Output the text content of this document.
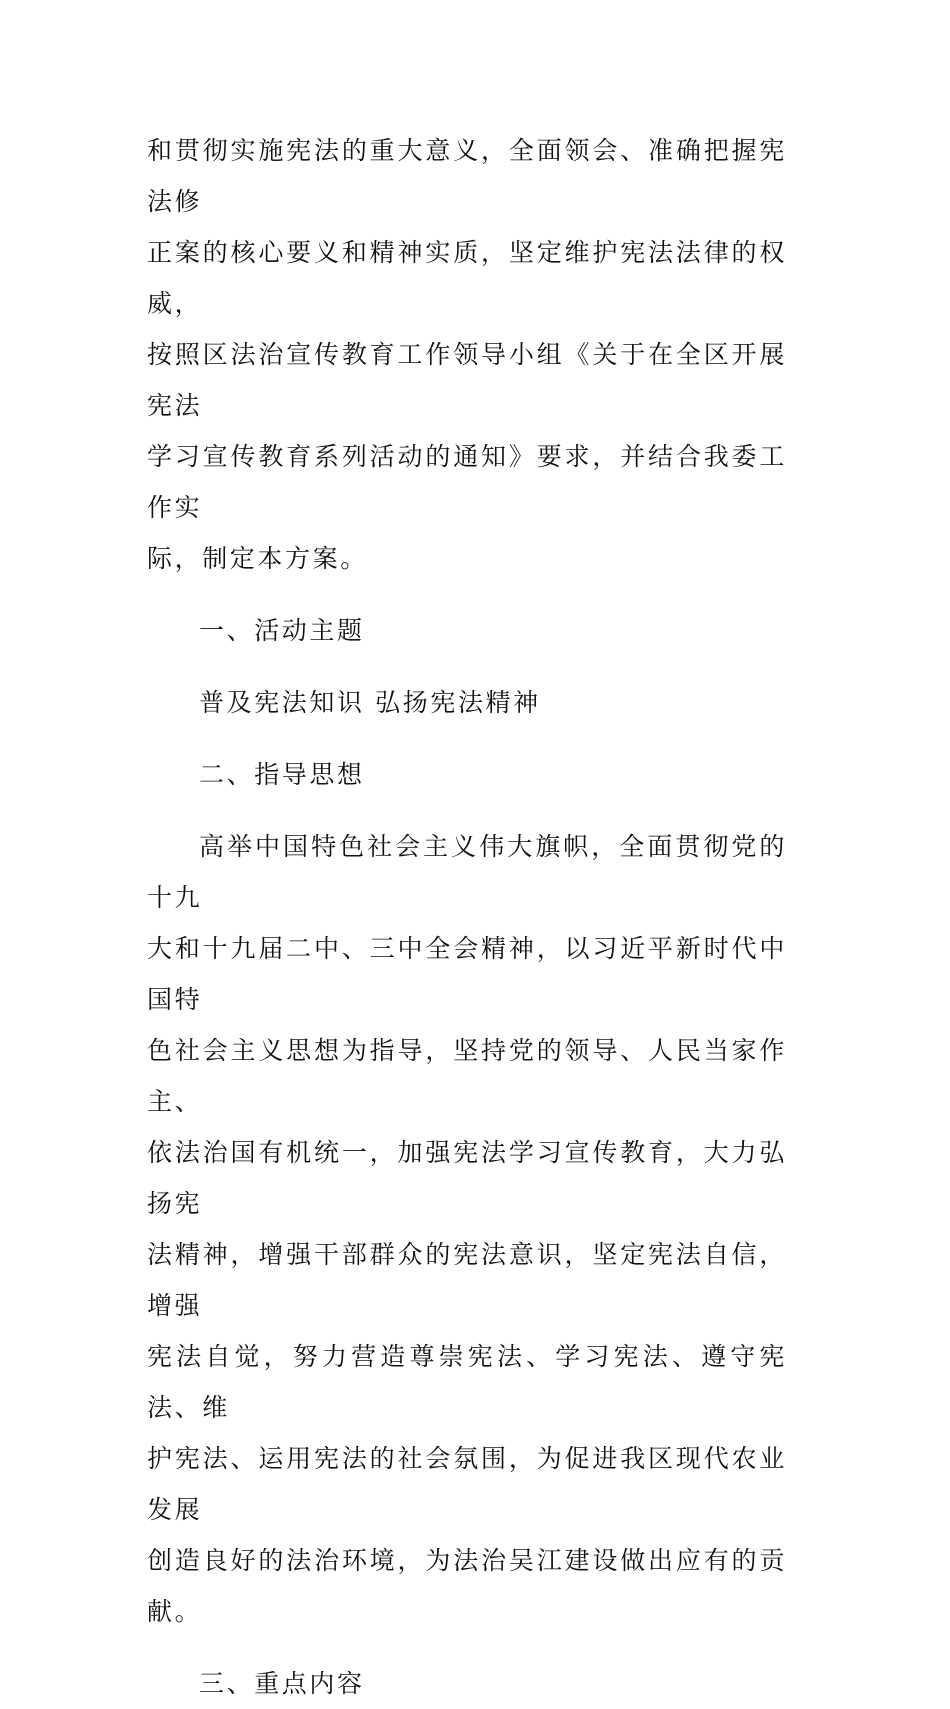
和贯彻实施宪法的重大意义，全面领会、准确把握宪法修
正案的核心要义和精神实质，坚定维护宪法法律的权威，
按照区法治宣传教育工作领导小组《关于在全区开展宪法
学习宣传教育系列活动的通知》要求，并结合我委工作实
际，制定本方案。
一、活动主题
普及宪法知识 弘扬宪法精神
二、指导思想
高举中国特色社会主义伟大旗帜，全面贯彻党的十九
大和十九届二中、三中全会精神，以习近平新时代中国特
色社会主义思想为指导，坚持党的领导、人民当家作主、
依法治国有机统一，加强宪法学习宣传教育，大力弘扬宪
法精神，增强干部群众的宪法意识，坚定宪法自信，增强
宪法自觉，努力营造尊崇宪法、学习宪法、遵守宪法、维
护宪法、运用宪法的社会氛围，为促进我区现代农业发展
创造良好的法治环境，为法治吴江建设做出应有的贡献。
三、重点内容
